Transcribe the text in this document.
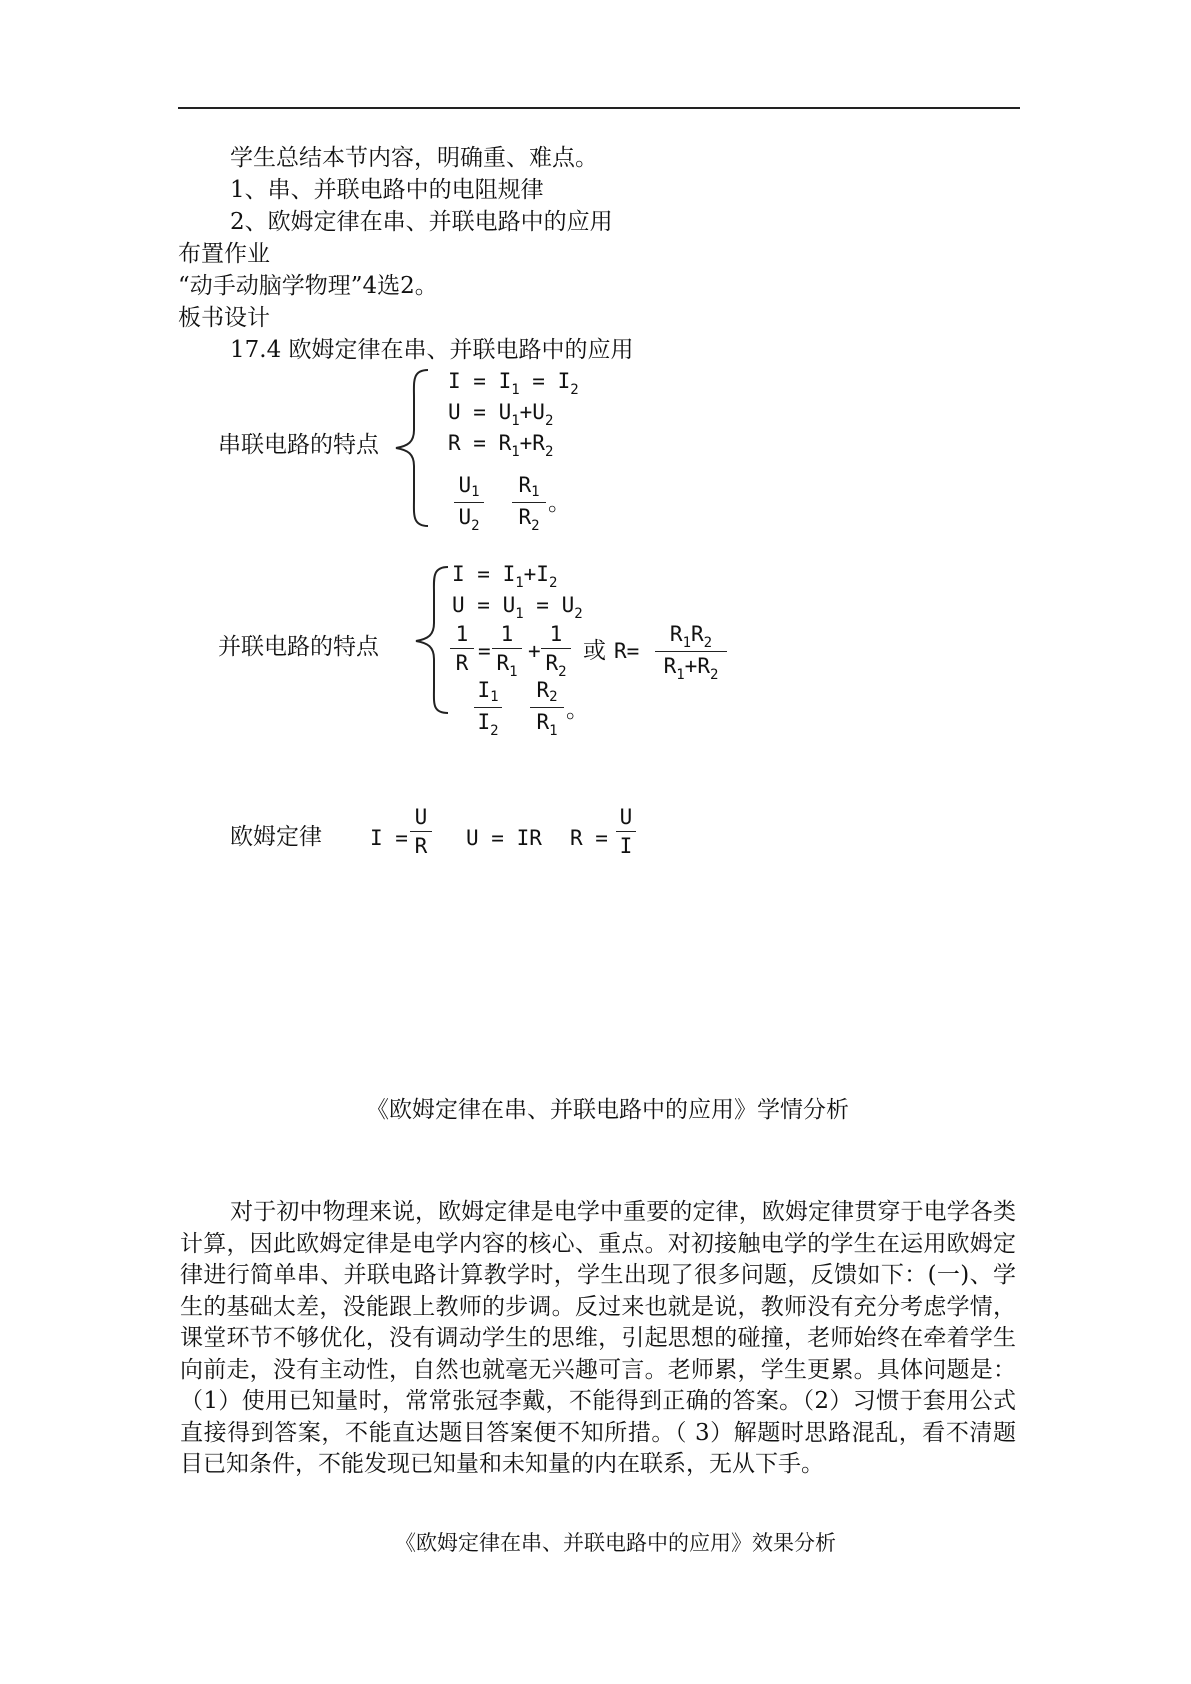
学生总结本节内容，明确重、难点。
1、串、并联电路中的电阻规律
2、欧姆定律在串、并联电路中的应用
布置作业
“动手动脑学物理”4选2。
板书设计
17.4 欧姆定律在串、并联电路中的应用
串联电路的特点
$I = I_1 = I_2$
$U = U_1+U_2$
$R = R_1+R_2$
U1
$U_2$
R1
$R_2$
。
并联电路的特点
$I = I_1+I_2$
$U = U_1 = U_2$
1
R =
1
$R_1$
+
1
$R_2$
或 R=
$R_1R_2$
$R_1+R_2$
I1
$I_2$
R2
$R_1$
。
欧姆定律 I =
U
R U = IR R =
U
I
《欧姆定律在串、并联电路中的应用》学情分析
对于初中物理来说，欧姆定律是电学中重要的定律，欧姆定律贯穿于电学各类计算，因此欧姆定律是电学内容的核心、重点。对初接触电学的学生在运用欧姆定律进行简单串、并联电路计算教学时，学生出现了很多问题，反馈如下：(一)、学生的基础太差，没能跟上教师的步调。反过来也就是说，教师没有充分考虑学情，课堂环节不够优化，没有调动学生的思维，引起思想的碰撞，老师始终在牵着学生向前走，没有主动性，自然也就毫无兴趣可言。老师累，学生更累。具体问题是：（1）使用已知量时，常常张冠李戴，不能得到正确的答案。（2）习惯于套用公式直接得到答案，不能直达题目答案便不知所措。（ 3）解题时思路混乱，看不清题目已知条件，不能发现已知量和未知量的内在联系，无从下手。
《欧姆定律在串、并联电路中的应用》效果分析
